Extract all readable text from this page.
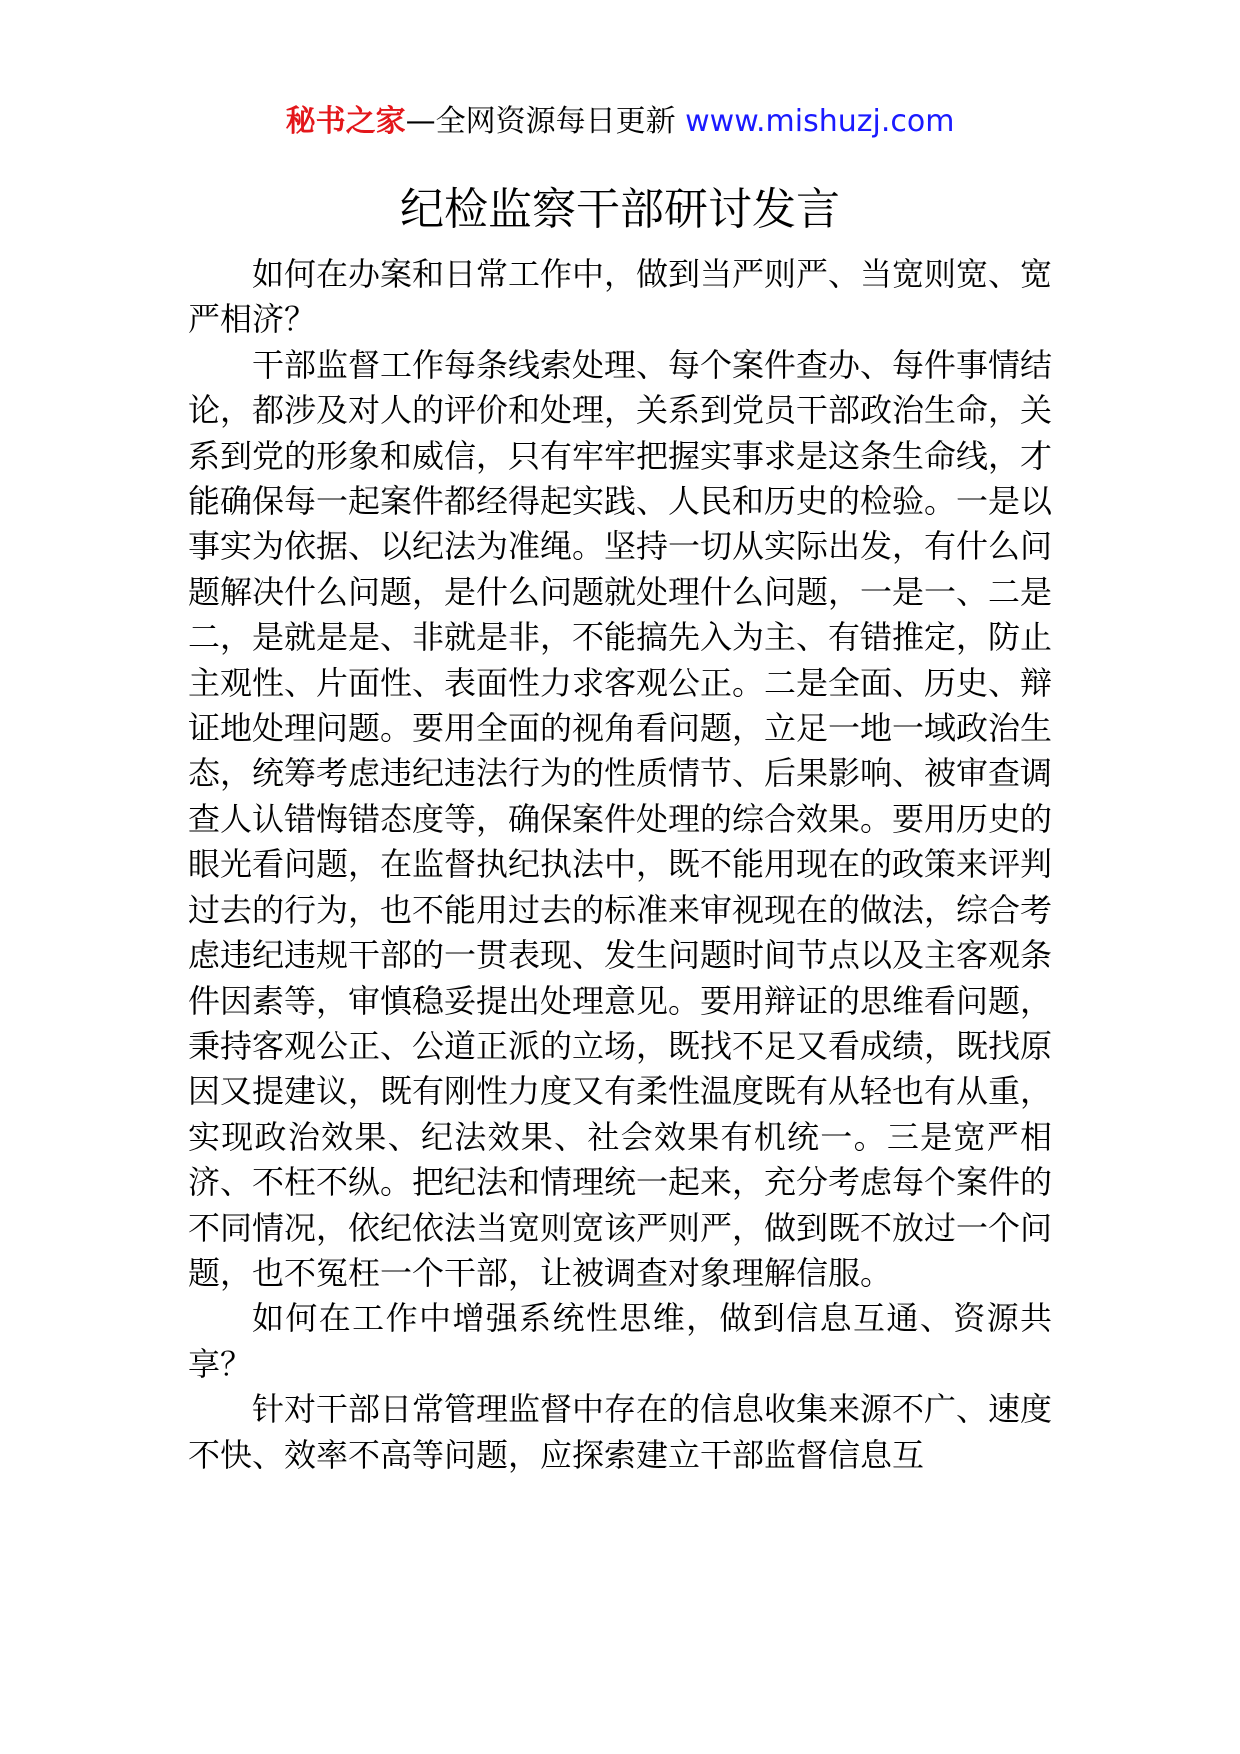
秘书之家—全网资源每日更新 www.mishuzj.com
纪检监察干部研讨发言

如何在办案和日常工作中，做到当严则严、当宽则宽、宽严相济？

干部监督工作每条线索处理、每个案件查办、每件事情结论，都涉及对人的评价和处理，关系到党员干部政治生命，关系到党的形象和威信，只有牢牢把握实事求是这条生命线，才能确保每一起案件都经得起实践、人民和历史的检验。一是以事实为依据、以纪法为准绳。坚持一切从实际出发，有什么问题解决什么问题，是什么问题就处理什么问题，一是一、二是二，是就是是、非就是非，不能搞先入为主、有错推定，防止主观性、片面性、表面性力求客观公正。二是全面、历史、辩证地处理问题。要用全面的视角看问题，立足一地一域政治生态，统筹考虑违纪违法行为的性质情节、后果影响、被审查调查人认错悔错态度等，确保案件处理的综合效果。要用历史的眼光看问题，在监督执纪执法中，既不能用现在的政策来评判过去的行为，也不能用过去的标准来审视现在的做法，综合考虑违纪违规干部的一贯表现、发生问题时间节点以及主客观条件因素等，审慎稳妥提出处理意见。要用辩证的思维看问题，秉持客观公正、公道正派的立场，既找不足又看成绩，既找原因又提建议，既有刚性力度又有柔性温度既有从轻也有从重，实现政治效果、纪法效果、社会效果有机统一。三是宽严相济、不枉不纵。把纪法和情理统一起来，充分考虑每个案件的不同情况，依纪依法当宽则宽该严则严，做到既不放过一个问题，也不冤枉一个干部，让被调查对象理解信服。

如何在工作中增强系统性思维，做到信息互通、资源共享？

针对干部日常管理监督中存在的信息收集来源不广、速度不快、效率不高等问题，应探索建立干部监督信息互
